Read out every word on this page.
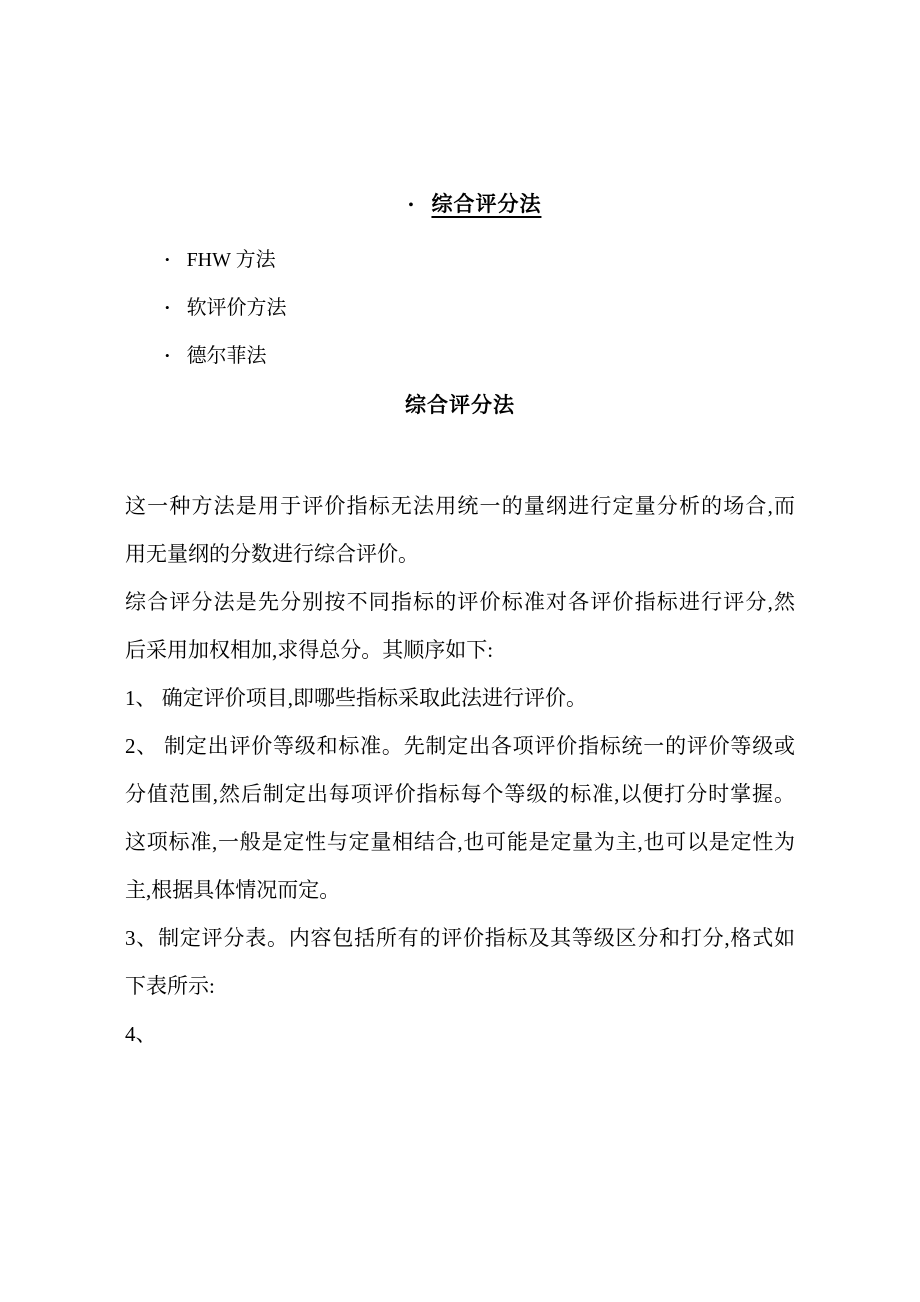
• 综合评分法
• FHW 方法
• 软评价方法
• 德尔菲法
综合评分法
这一种方法是用于评价指标无法用统一的量纲进行定量分析的场合,而
用无量纲的分数进行综合评价。
综合评分法是先分别按不同指标的评价标准对各评价指标进行评分,然
后采用加权相加,求得总分。其顺序如下:
1、 确定评价项目,即哪些指标采取此法进行评价。
2、 制定出评价等级和标准。先制定出各项评价指标统一的评价等级或
分值范围,然后制定出每项评价指标每个等级的标准,以便打分时掌握。
这项标准,一般是定性与定量相结合,也可能是定量为主,也可以是定性为
主,根据具体情况而定。
3、制定评分表。内容包括所有的评价指标及其等级区分和打分,格式如
下表所示:
4、
